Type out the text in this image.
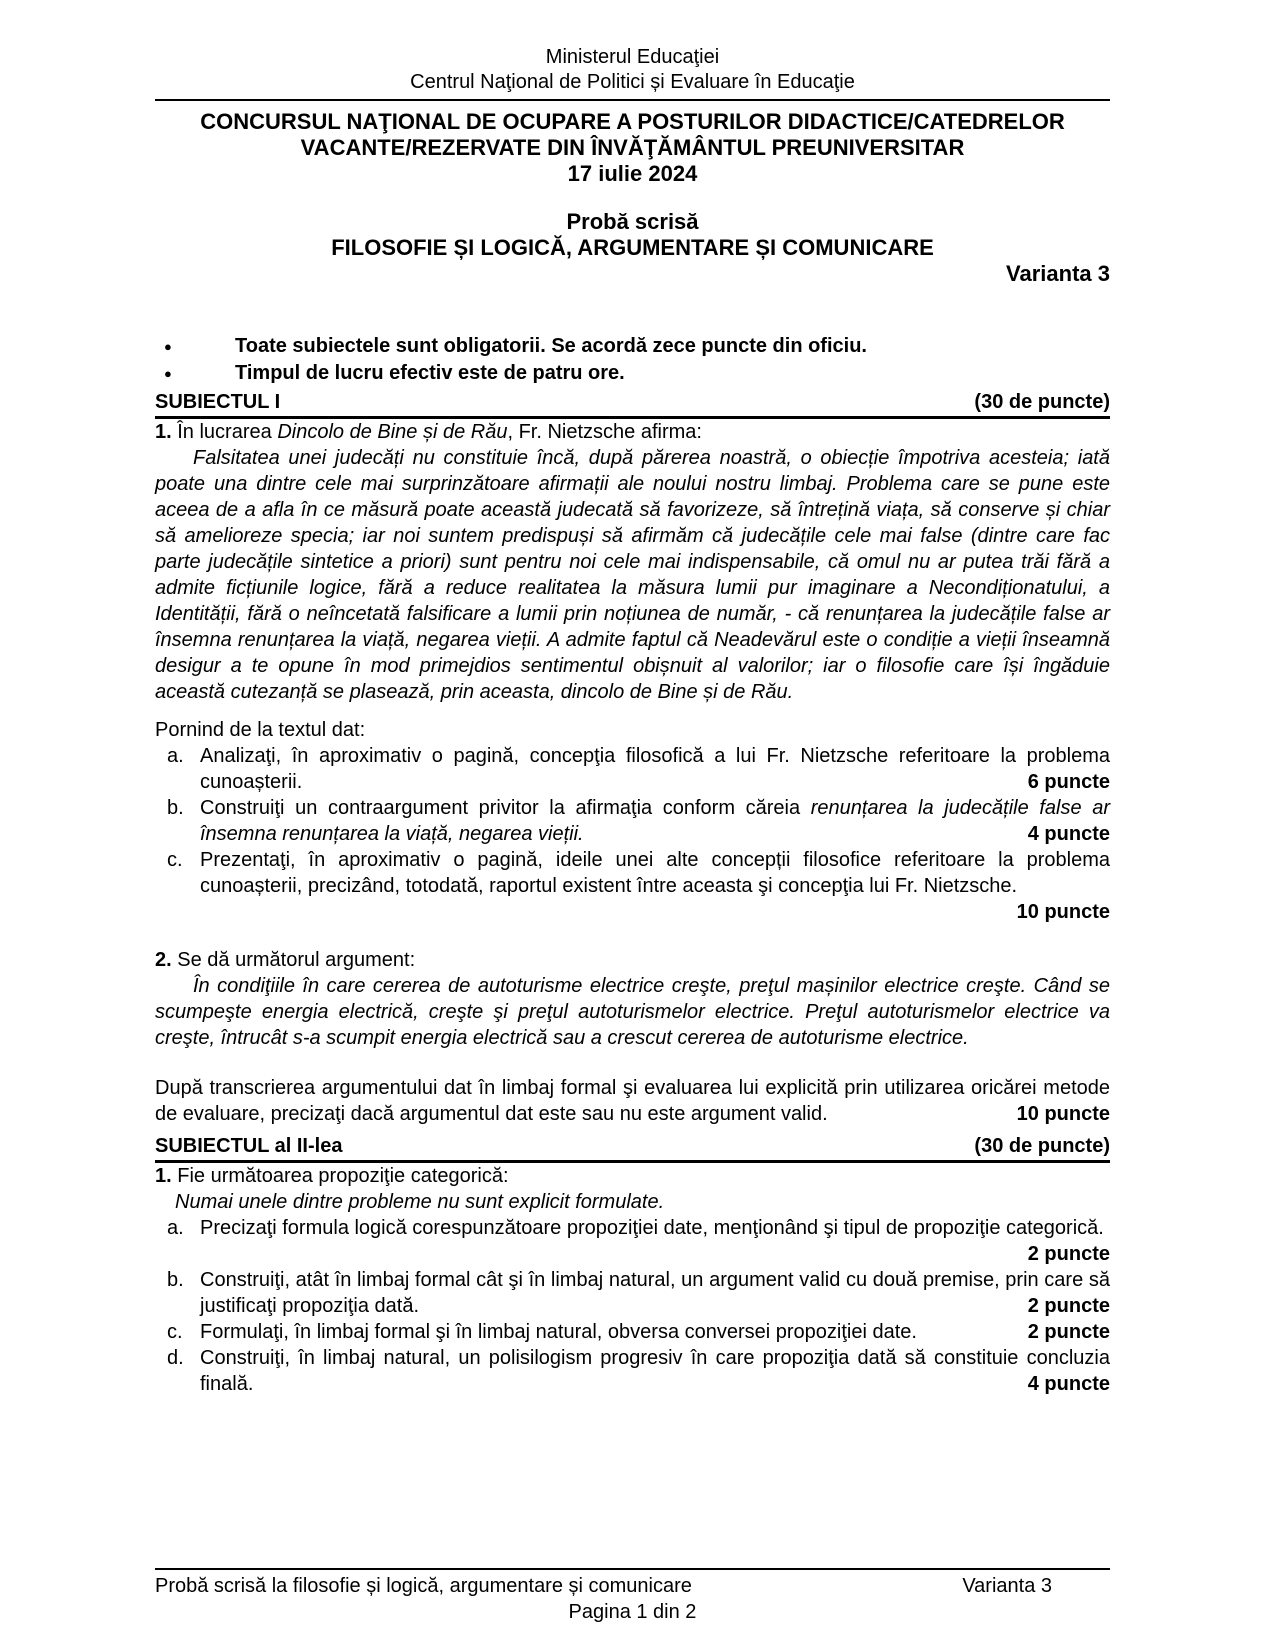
Ministerul Educaţiei
Centrul Naţional de Politici și Evaluare în Educaţie
CONCURSUL NAŢIONAL DE OCUPARE A POSTURILOR DIDACTICE/CATEDRELOR
VACANTE/REZERVATE DIN ÎNVĂŢĂMÂNTUL PREUNIVERSITAR
17 iulie 2024
Probă scrisă
FILOSOFIE ȘI LOGICĂ, ARGUMENTARE ȘI COMUNICARE
Varianta 3
●	Toate subiectele sunt obligatorii. Se acordă zece puncte din oficiu.
●	Timpul de lucru efectiv este de patru ore.
SUBIECTUL I	(30 de puncte)

1. În lucrarea Dincolo de Bine și de Rău, Fr. Nietzsche afirma:

Falsitatea unei judecăți nu constituie încă, după părerea noastră, o obiecție împotriva acesteia; iată poate una dintre cele mai surprinzătoare afirmații ale noului nostru limbaj. Problema care se pune este aceea de a afla în ce măsură poate această judecată să favorizeze, să întrețină viața, să conserve și chiar să amelioreze specia; iar noi suntem predispuși să afirmăm că judecățile cele mai false (dintre care fac parte judecățile sintetice a priori) sunt pentru noi cele mai indispensabile, că omul nu ar putea trăi fără a admite ficțiunile logice, fără a reduce realitatea la măsura lumii pur imaginare a Necondiționatului, a Identității, fără o neîncetată falsificare a lumii prin noțiunea de număr, - că renunțarea la judecățile false ar însemna renunțarea la viață, negarea vieții. A admite faptul că Neadevărul este o condiție a vieții înseamnă desigur a te opune în mod primejdios sentimentul obișnuit al valorilor; iar o filosofie care își îngăduie această cutezanță se plasează, prin aceasta, dincolo de Bine și de Rău.

Pornind de la textul dat:

a. Analizaţi, în aproximativ o pagină, concepţia filosofică a lui Fr. Nietzsche referitoare la problema cunoașterii.	6 puncte
b. Construiţi un contraargument privitor la afirmaţia conform căreia renunțarea la judecățile false ar însemna renunțarea la viață, negarea vieții.	4 puncte
c. Prezentaţi, în aproximativ o pagină, ideile unei alte concepții filosofice referitoare la problema cunoașterii, precizând, totodată, raportul existent între aceasta şi concepţia lui Fr. Nietzsche.
10 puncte

2. Se dă următorul argument:

În condiţiile în care cererea de autoturisme electrice creşte, preţul mașinilor electrice creşte. Când se scumpeşte energia electrică, creşte şi preţul autoturismelor electrice. Preţul autoturismelor electrice va creşte, întrucât s-a scumpit energia electrică sau a crescut cererea de autoturisme electrice.

După transcrierea argumentului dat în limbaj formal şi evaluarea lui explicită prin utilizarea oricărei metode de evaluare, precizaţi dacă argumentul dat este sau nu este argument valid.	10 puncte

SUBIECTUL al II-lea	(30 de puncte)

1. Fie următoarea propoziţie categorică:

Numai unele dintre probleme nu sunt explicit formulate.

a. Precizaţi formula logică corespunzătoare propoziţiei date, menţionând şi tipul de propoziţie categorică.
2 puncte
b. Construiţi, atât în limbaj formal cât şi în limbaj natural, un argument valid cu două premise, prin care să justificaţi propoziţia dată.	2 puncte
c. Formulaţi, în limbaj formal şi în limbaj natural, obversa conversei propoziţiei date.	2 puncte
d. Construiţi, în limbaj natural, un polisilogism progresiv în care propoziţia dată să constituie concluzia finală.	4 puncte
Probă scrisă la filosofie și logică, argumentare și comunicare	Varianta 3
Pagina 1 din 2
